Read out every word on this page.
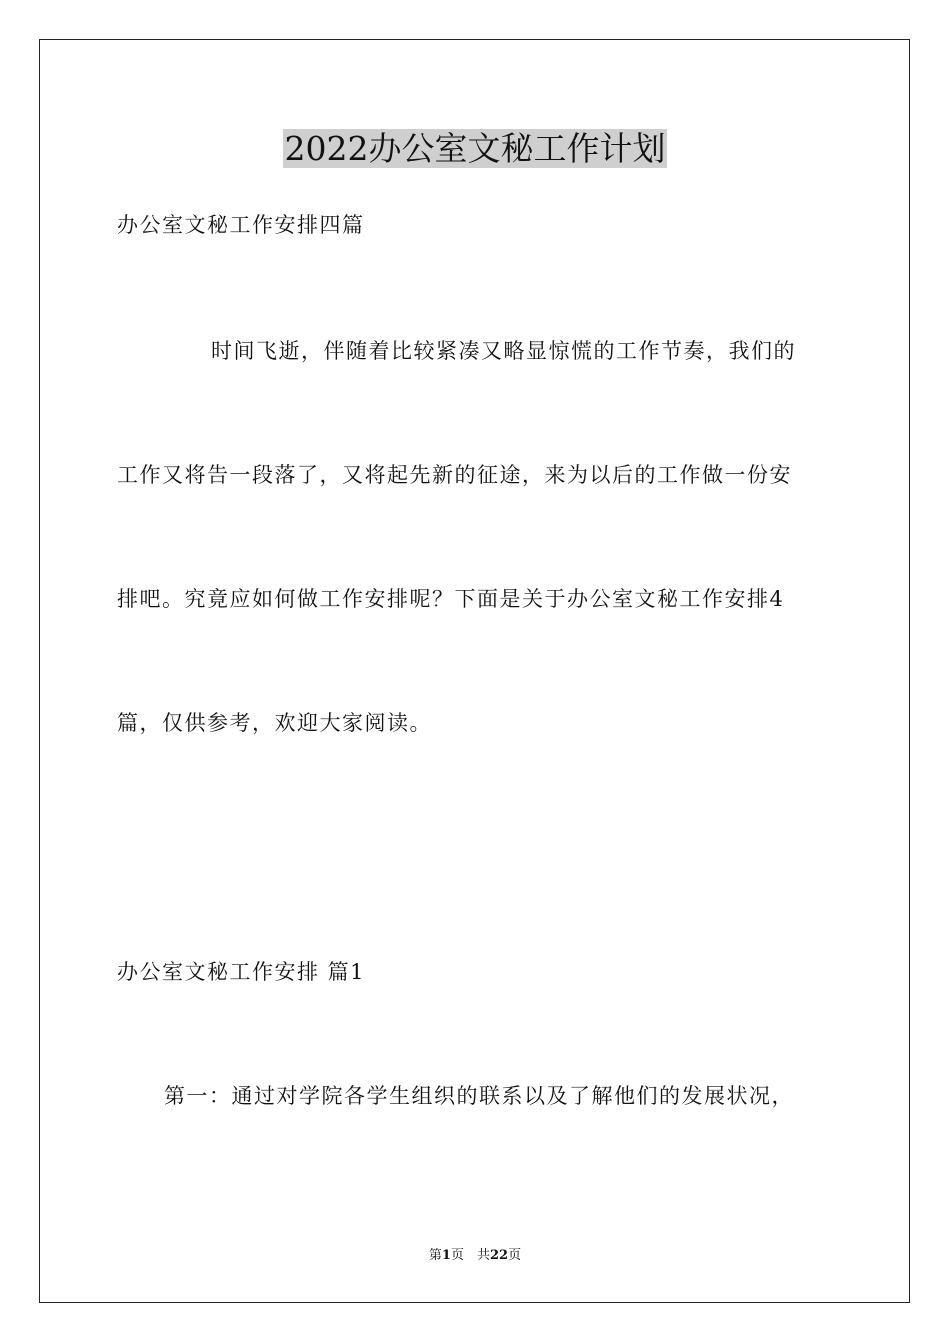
2022办公室文秘工作计划
办公室文秘工作安排四篇
时间飞逝，伴随着比较紧凑又略显惊慌的工作节奏，我们的
工作又将告一段落了，又将起先新的征途，来为以后的工作做一份安
排吧。究竟应如何做工作安排呢？下面是关于办公室文秘工作安排4
篇，仅供参考，欢迎大家阅读。
办公室文秘工作安排 篇1
第一：通过对学院各学生组织的联系以及了解他们的发展状况，
第1页　共22页
